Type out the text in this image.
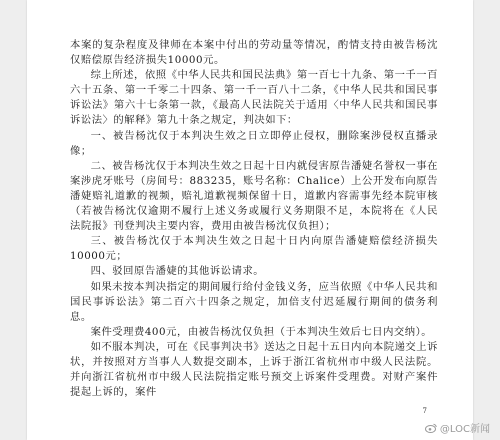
本案的复杂程度及律师在本案中付出的劳动量等情况，酌情支持由被告杨沈仅赔偿原告经济损失10000元。

综上所述，依照《中华人民共和国民法典》第一百七十九条、第一千一百六十五条、第一千零二十四条、第一千一百八十二条，《中华人民共和国民事诉讼法》第六十七条第一款，《最高人民法院关于适用〈中华人民共和国民事诉讼法〉的解释》第九十条之规定，判决如下：

一、被告杨沈仅于本判决生效之日立即停止侵权，删除案涉侵权直播录像；

二、被告杨沈仅于本判决生效之日起十日内就侵害原告潘婕名誉权一事在案涉虎牙账号（房间号：883235，账号名称：Chalice）上公开发布向原告潘婕赔礼道歉的视频，赔礼道歉视频保留十日，道歉内容需事先经本院审核（若被告杨沈仅逾期不履行上述义务或履行义务期限不足，本院将在《人民法院报》刊登判决主要内容，费用由被告杨沈仅负担）；

三、被告杨沈仅于本判决生效之日起十日内向原告潘婕赔偿经济损失10000元；

四、驳回原告潘婕的其他诉讼请求。

如果未按本判决指定的期间履行给付金钱义务，应当依照《中华人民共和国民事诉讼法》第二百六十四条之规定，加倍支付迟延履行期间的债务利息。

案件受理费400元，由被告杨沈仅负担（于本判决生效后七日内交纳）。

如不服本判决，可在《民事判决书》送达之日起十五日内向本院递交上诉状，并按照对方当事人人数提交副本，上诉于浙江省杭州市中级人民法院。并向浙江省杭州市中级人民法院指定账号预交上诉案件受理费。对财产案件提起上诉的，案件

7
@LOC新闻
